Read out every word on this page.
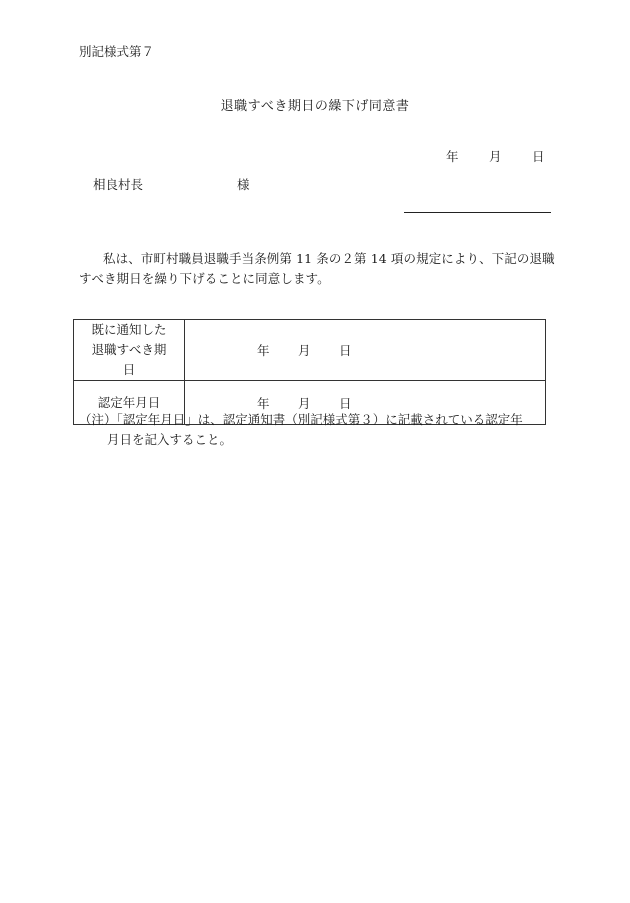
別記様式第７
退職すべき期日の繰下げ同意書
年	月	日
相良村長	様
私は、市町村職員退職手当条例第 11 条の２第 14 項の規定により、下記の退職すべき期日を繰り下げることに同意します。
既に通知した退職すべき期日	年 月 日

認定年月日	年 月 日
（注）「認定年月日」は、認定通知書（別記様式第３）に記載されている認定年
月日を記入すること。
